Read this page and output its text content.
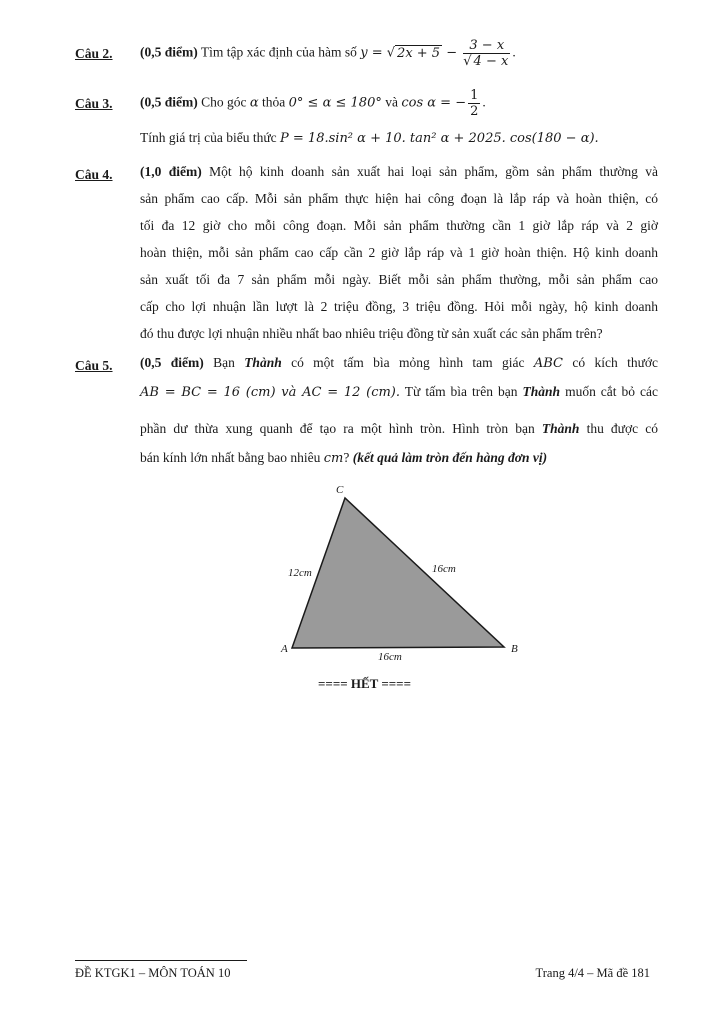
Câu 2. (0,5 điểm) Tìm tập xác định của hàm số y = √ $2x + 5 - \frac{3 - x}{√ 4 - x}$ .
Câu 3. (0,5 điểm) Cho góc α thỏa 0° ≤ α ≤ 180° và cos α = − $\frac{1}{2}$ .
Tính giá trị của biểu thức P = 18.sin² α + 10. tan² α + 2025. cos(180 − α).
Câu 4. (1,0 điểm) Một hộ kinh doanh sản xuất hai loại sản phẩm, gồm sản phẩm thường và
sản phẩm cao cấp. Mỗi sản phẩm thực hiện hai công đoạn là lắp ráp và hoàn thiện, có
tối đa 12 giờ cho mỗi công đoạn. Mỗi sản phẩm thường cần 1 giờ lắp ráp và 2 giờ
hoàn thiện, mỗi sản phẩm cao cấp cần 2 giờ lắp ráp và 1 giờ hoàn thiện. Hộ kinh doanh
sản xuất tối đa 7 sản phẩm mỗi ngày. Biết mỗi sản phẩm thường, mỗi sản phẩm cao
cấp cho lợi nhuận lần lượt là 2 triệu đồng, 3 triệu đồng. Hỏi mỗi ngày, hộ kinh doanh
đó thu được lợi nhuận nhiều nhất bao nhiêu triệu đồng từ sản xuất các sản phẩm trên?
Câu 5. (0,5 điểm) Bạn Thành có một tấm bìa mỏng hình tam giác ABC có kích thước
AB = BC = 16 (cm) và AC = 12 (cm). Từ tấm bìa trên bạn Thành muốn cắt bỏ các
phần dư thừa xung quanh để tạo ra một hình tròn. Hình tròn bạn Thành thu được có
bán kính lớn nhất bằng bao nhiêu cm? (kết quả làm tròn đến hàng đơn vị)
C
A	B
12cm	16cm
16cm
==== HẾT ====
ĐỀ KTGK1 – MÔN TOÁN 10	Trang 4/4 – Mã đề 181
